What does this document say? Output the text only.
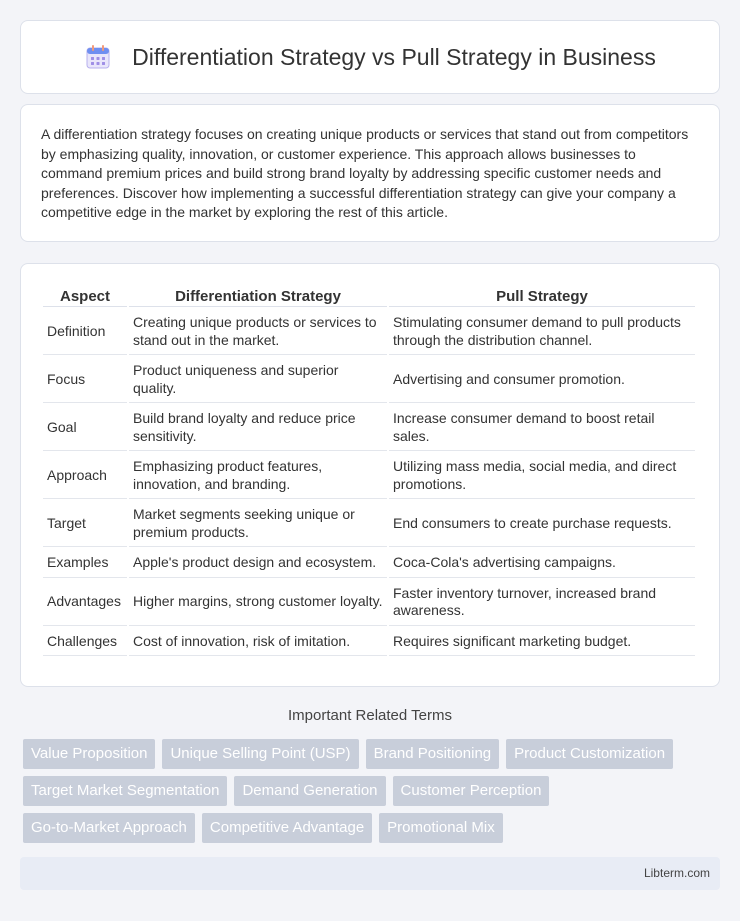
Differentiation Strategy vs Pull Strategy in Business

A differentiation strategy focuses on creating unique products or services that stand out from competitors by emphasizing quality, innovation, or customer experience. This approach allows businesses to command premium prices and build strong brand loyalty by addressing specific customer needs and preferences. Discover how implementing a successful differentiation strategy can give your company a competitive edge in the market by exploring the rest of this article.

Aspect	Differentiation Strategy	Pull Strategy
Definition	Creating unique products or services to stand out in the market.	Stimulating consumer demand to pull products through the distribution channel.
Focus	Product uniqueness and superior quality.	Advertising and consumer promotion.
Goal	Build brand loyalty and reduce price sensitivity.	Increase consumer demand to boost retail sales.
Approach	Emphasizing product features, innovation, and branding.	Utilizing mass media, social media, and direct promotions.
Target	Market segments seeking unique or premium products.	End consumers to create purchase requests.
Examples	Apple's product design and ecosystem.	Coca-Cola's advertising campaigns.
Advantages	Higher margins, strong customer loyalty.	Faster inventory turnover, increased brand awareness.
Challenges	Cost of innovation, risk of imitation.	Requires significant marketing budget.
Important Related Terms
Value Proposition	Unique Selling Point (USP)	Brand Positioning	Product Customization
Target Market Segmentation	Demand Generation	Customer Perception
Go-to-Market Approach	Competitive Advantage	Promotional Mix
Libterm.com
